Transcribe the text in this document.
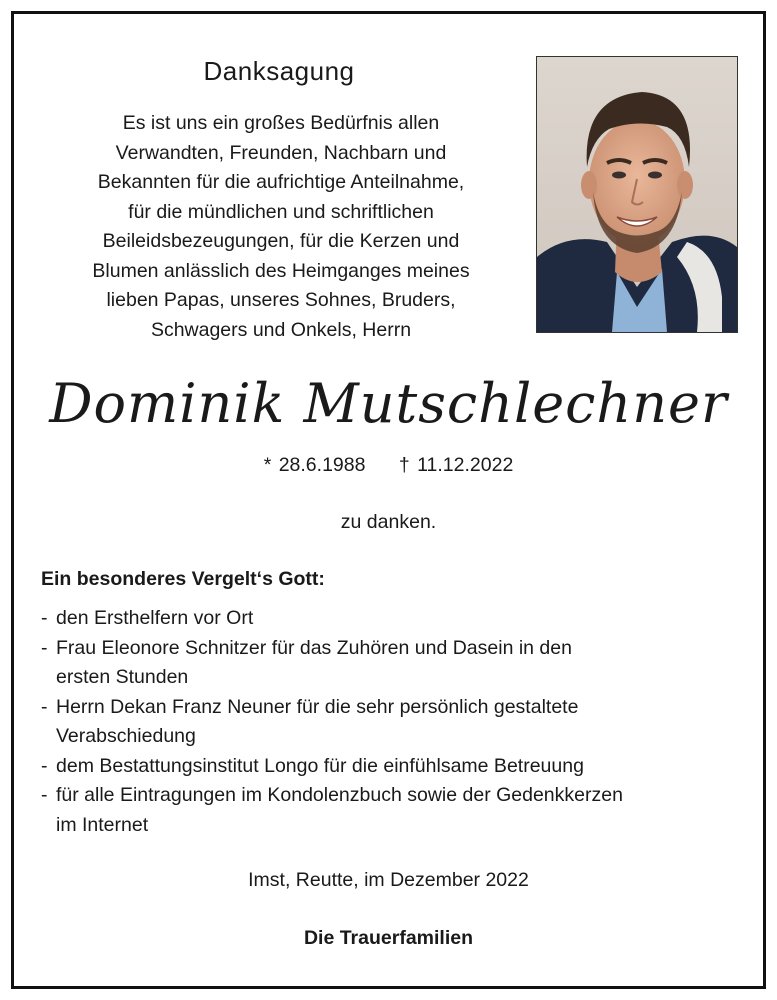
Danksagung
Es ist uns ein großes Bedürfnis allen
Verwandten, Freunden, Nachbarn und
Bekannten für die aufrichtige Anteilnahme,
für die mündlichen und schriftlichen
Beileidsbezeugungen, für die Kerzen und
Blumen anlässlich des Heimganges meines
lieben Papas, unseres Sohnes, Bruders,
Schwagers und Onkels, Herrn
Dominik Mutschlechner
* 28.6.1988 † 11.12.2022
zu danken.
Ein besonderes Vergelt‘s Gott:
- den Ersthelfern vor Ort
- Frau Eleonore Schnitzer für das Zuhören und Dasein in den
ersten Stunden
- Herrn Dekan Franz Neuner für die sehr persönlich gestaltete
Verabschiedung
- dem Bestattungsinstitut Longo für die einfühlsame Betreuung
- für alle Eintragungen im Kondolenzbuch sowie der Gedenkkerzen
im Internet
Imst, Reutte, im Dezember 2022
Die Trauerfamilien
